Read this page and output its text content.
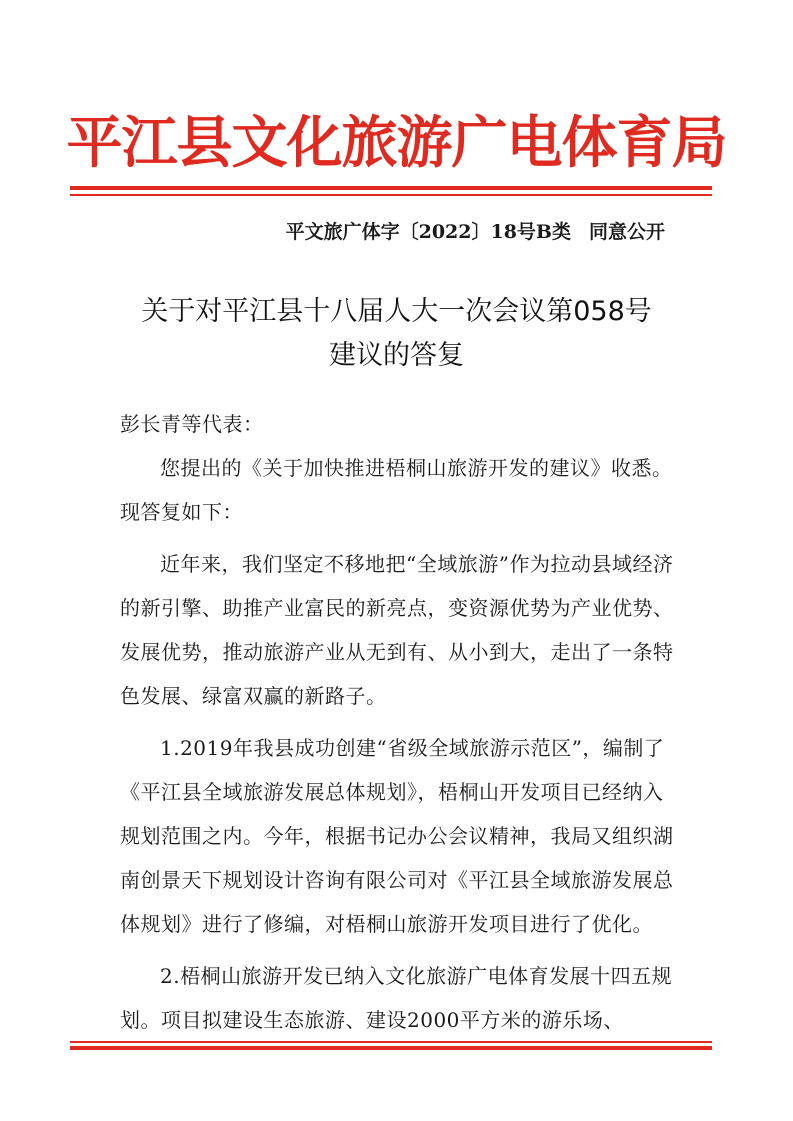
平江县文化旅游广电体育局
平文旅广体字〔2022〕18号B类 同意公开
关于对平江县十八届人大一次会议第058号
建议的答复

彭长青等代表：

您提出的《关于加快推进梧桐山旅游开发的建议》收悉。现答复如下：

近年来，我们坚定不移地把“全域旅游”作为拉动县域经济的新引擎、助推产业富民的新亮点，变资源优势为产业优势、发展优势，推动旅游产业从无到有、从小到大，走出了一条特色发展、绿富双赢的新路子。

1.2019年我县成功创建“省级全域旅游示范区”，编制了《平江县全域旅游发展总体规划》，梧桐山开发项目已经纳入规划范围之内。今年，根据书记办公会议精神，我局又组织湖南创景天下规划设计咨询有限公司对《平江县全域旅游发展总体规划》进行了修编，对梧桐山旅游开发项目进行了优化。

2.梧桐山旅游开发已纳入文化旅游广电体育发展十四五规划。项目拟建设生态旅游、建设2000平方米的游乐场、
